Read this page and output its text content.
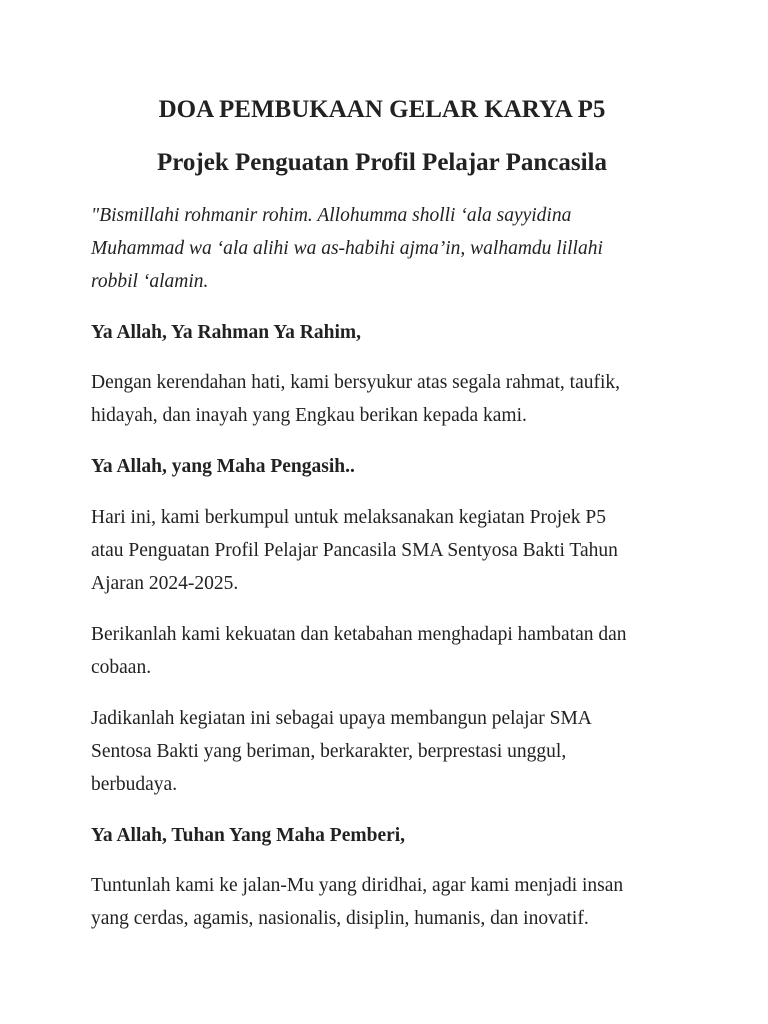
DOA PEMBUKAAN GELAR KARYA P5
Projek Penguatan Profil Pelajar Pancasila

"Bismillahi rohmanir rohim. Allohumma sholli ‘ala sayyidina
Muhammad wa ‘ala alihi wa as-habihi ajma’in, walhamdu lillahi
robbil ‘alamin.

Ya Allah, Ya Rahman Ya Rahim,

Dengan kerendahan hati, kami bersyukur atas segala rahmat, taufik,
hidayah, dan inayah yang Engkau berikan kepada kami.

Ya Allah, yang Maha Pengasih..

Hari ini, kami berkumpul untuk melaksanakan kegiatan Projek P5
atau Penguatan Profil Pelajar Pancasila SMA Sentyosa Bakti Tahun
Ajaran 2024-2025.

Berikanlah kami kekuatan dan ketabahan menghadapi hambatan dan
cobaan.

Jadikanlah kegiatan ini sebagai upaya membangun pelajar SMA
Sentosa Bakti yang beriman, berkarakter, berprestasi unggul,
berbudaya.

Ya Allah, Tuhan Yang Maha Pemberi,

Tuntunlah kami ke jalan-Mu yang diridhai, agar kami menjadi insan
yang cerdas, agamis, nasionalis, disiplin, humanis, dan inovatif.
